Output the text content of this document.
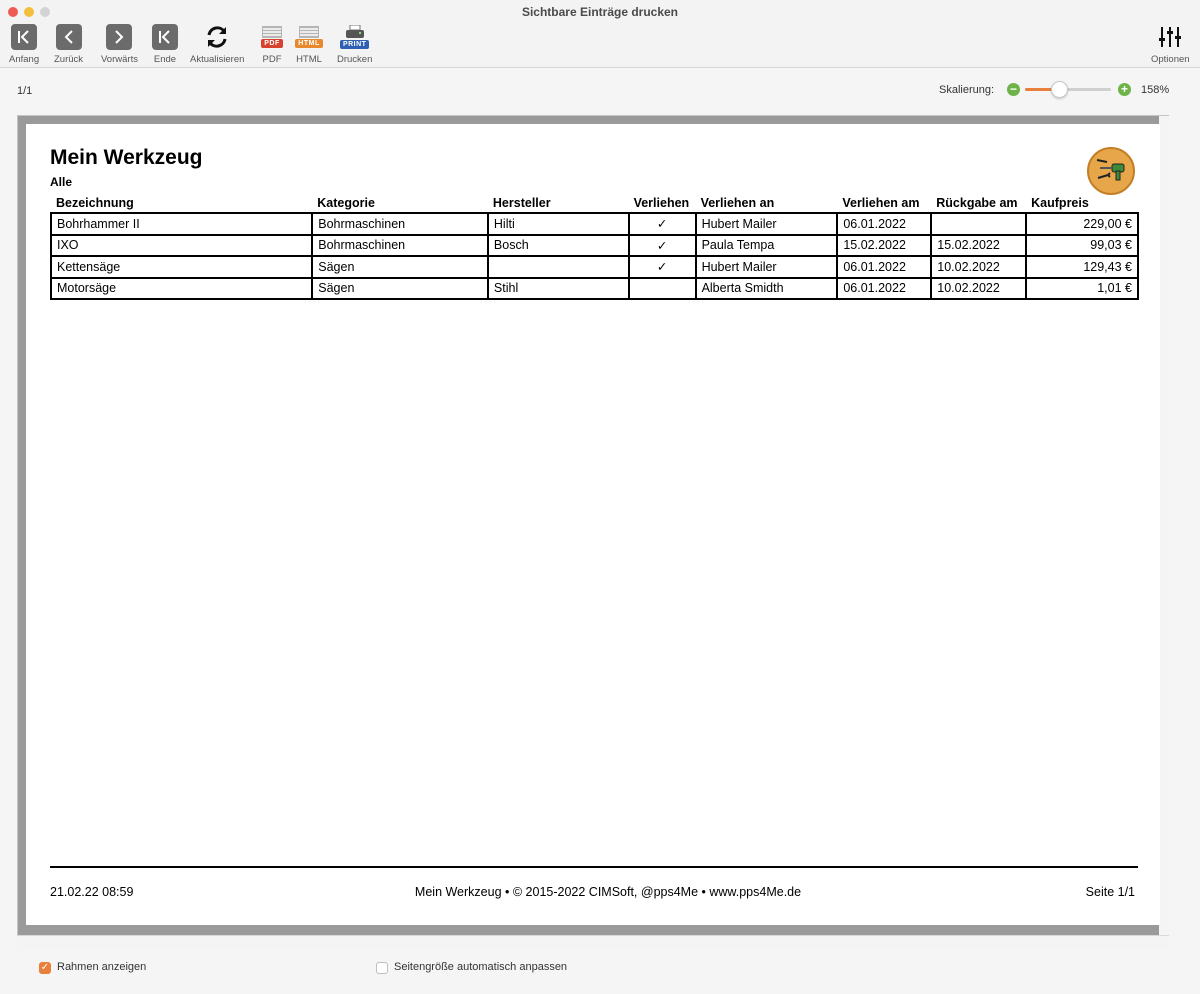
Sichtbare Einträge drucken
Anfang Zurück Vorwärts Ende Aktualisieren
PDF
PDF
HTML
HTML
PRINT
Drucken	Optionen
1/1	Skalierung: −	+ 158%
Mein Werkzeug
Alle
Bezeichnung	Kategorie	Hersteller	Verliehen	Verliehen an	Verliehen am	Rückgabe am	Kaufpreis
Bohrhammer II	Bohrmaschinen	Hilti	✓	Hubert Mailer	06.01.2022		229,00 €
IXO	Bohrmaschinen	Bosch	✓	Paula Tempa	15.02.2022	15.02.2022	99,03 €
Kettensäge	Sägen		✓	Hubert Mailer	06.01.2022	10.02.2022	129,43 €
Motorsäge	Sägen	Stihl		Alberta Smidth	06.01.2022	10.02.2022	1,01 €
21.02.22 08:59	Mein Werkzeug • © 2015-2022 CIMSoft, @pps4Me • www.pps4Me.de	Seite 1/1
✓ Rahmen anzeigen	Seitengröße automatisch anpassen
